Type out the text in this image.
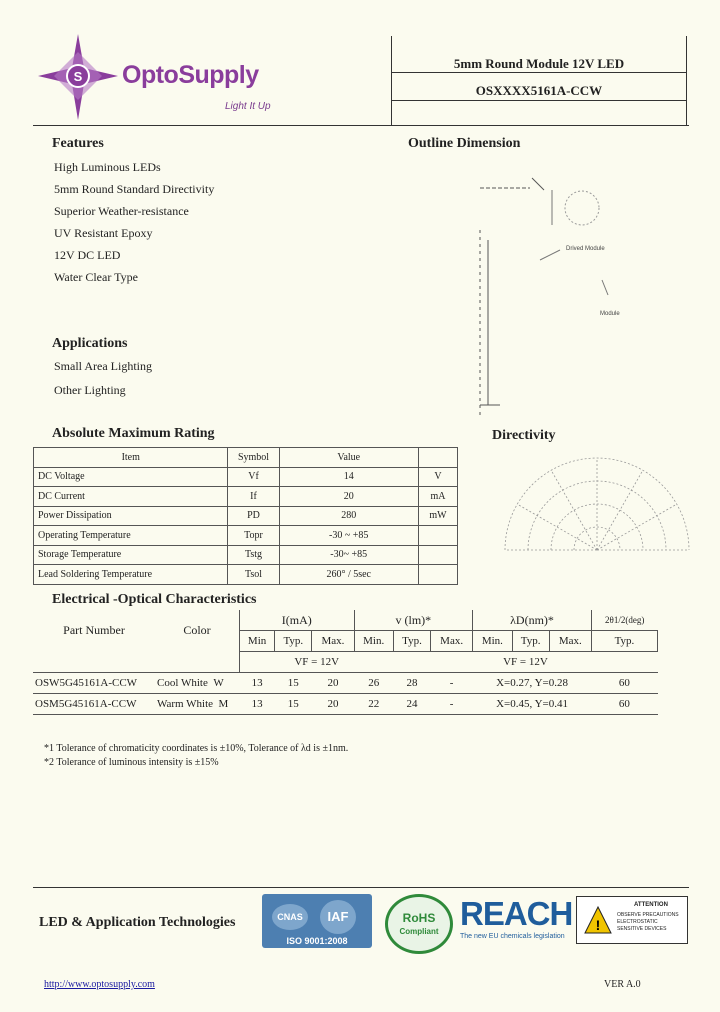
S OptoSupply
Light It Up
5mm Round Module 12V LED
OSXXXX5161A-CCW
Features
High Luminous LEDs
5mm Round Standard Directivity
Superior Weather-resistance
UV Resistant Epoxy
12V DC LED
Water Clear Type
Outline Dimension
Drived Module
Module
Applications
Small Area Lighting
Other Lighting
Absolute Maximum Rating
Item	Symbol	Value	
DC Voltage	Vf	14	V
DC Current	If	20	mA
Power Dissipation	PD	280	mW
Operating Temperature	Topr	-30 ~ +85	
Storage Temperature	Tstg	-30~ +85	
Lead Soldering Temperature	Tsol	260° / 5sec	
Directivity
Electrical -Optical Characteristics
Part Number	Color	I(mA)			v (lm)*			λD(nm)*			2θ1/2(deg)
		Min	Typ.	Max.	Min.	Typ.	Max.	Min.	Typ.	Max.	Typ.
		VF = 12V				VF = 12V					
OSW5G45161A-CCW	Cool White W	13	15	20	26	28	-	X=0.27, Y=0.28			60
OSM5G45161A-CCW	Warm White M	13	15	20	22	24	-	X=0.45, Y=0.41			60
*1 Tolerance of chromaticity coordinates is ±10%, Tolerance of λd is ±1nm.
*2 Tolerance of luminous intensity is ±15%
LED & Application Technologies	CNAS	IAF
ISO 9001:2008
RoHS
Compliant REACH
The new EU chemicals legislation
!
ATTENTION
OBSERVE PRECAUTIONS ELECTROSTATIC SENSITIVE DEVICES
http://www.optosupply.com	VER A.0
